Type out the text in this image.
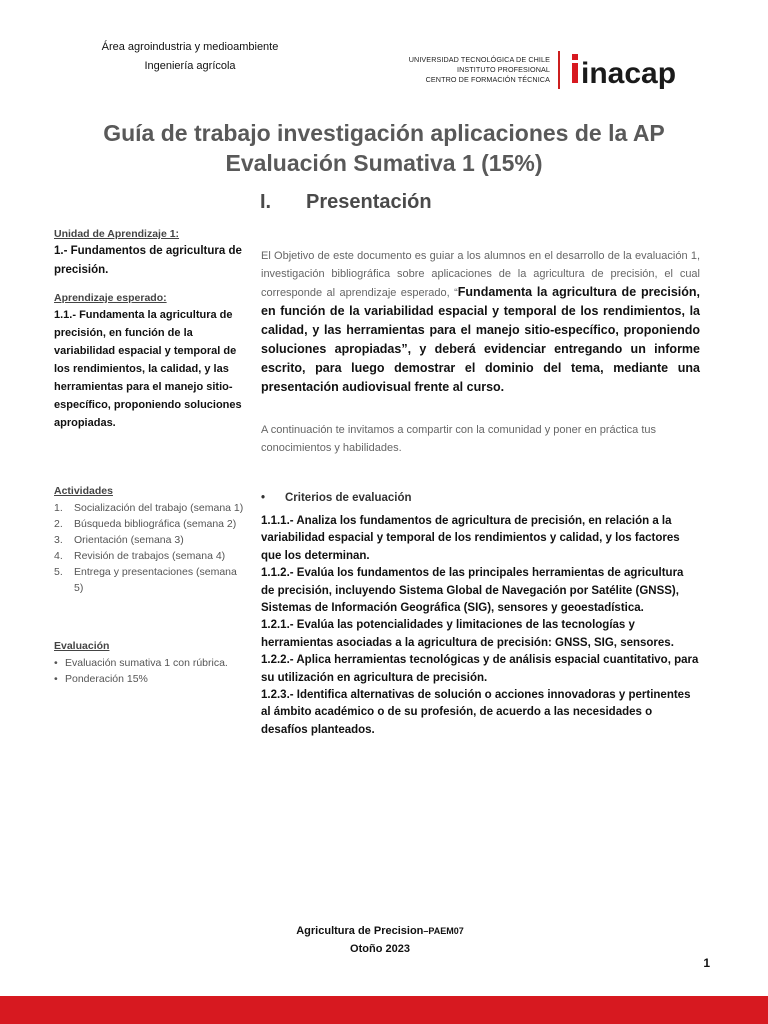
Área agroindustria y medioambiente
Ingeniería agrícola
UNIVERSIDAD TECNOLÓGICA DE CHILE
INSTITUTO PROFESIONAL
CENTRO DE FORMACIÓN TÉCNICA inacap
Guía de trabajo investigación aplicaciones de la AP
Evaluación Sumativa 1 (15%)
I. Presentación
Unidad de Aprendizaje 1:
1.- Fundamentos de agricultura de precisión.
Aprendizaje esperado:
1.1.- Fundamenta la agricultura de precisión, en función de la variabilidad espacial y temporal de los rendimientos, la calidad, y las herramientas para el manejo sitio-específico, proponiendo soluciones apropiadas.
Actividades
1.	Socialización del trabajo (semana 1)
2.	Búsqueda bibliográfica (semana 2)
3.	Orientación (semana 3)
4.	Revisión de trabajos (semana 4)
5.	Entrega y presentaciones (semana 5)
Evaluación
• Evaluación sumativa 1 con rúbrica.
• Ponderación 15%

El Objetivo de este documento es guiar a los alumnos en el desarrollo de la evaluación 1, investigación bibliográfica sobre aplicaciones de la agricultura de precisión, el cual corresponde al aprendizaje esperado, “Fundamenta la agricultura de precisión, en función de la variabilidad espacial y temporal de los rendimientos, la calidad, y las herramientas para el manejo sitio-específico, proponiendo soluciones apropiadas”, y deberá evidenciar entregando un informe escrito, para luego demostrar el dominio del tema, mediante una presentación audiovisual frente al curso.

A continuación te invitamos a compartir con la comunidad y poner en práctica tus conocimientos y habilidades.

• Criterios de evaluación
1.1.1.- Analiza los fundamentos de agricultura de precisión, en relación a la variabilidad espacial y temporal de los rendimientos y calidad, y los factores que los determinan.
1.1.2.- Evalúa los fundamentos de las principales herramientas de agricultura de precisión, incluyendo Sistema Global de Navegación por Satélite (GNSS), Sistemas de Información Geográfica (SIG), sensores y geoestadística.
1.2.1.- Evalúa las potencialidades y limitaciones de las tecnologías y herramientas asociadas a la agricultura de precisión: GNSS, SIG, sensores.
1.2.2.- Aplica herramientas tecnológicas y de análisis espacial cuantitativo, para su utilización en agricultura de precisión.
1.2.3.- Identifica alternativas de solución o acciones innovadoras y pertinentes al ámbito académico o de su profesión, de acuerdo a las necesidades o desafíos planteados.
Agricultura de Precision–PAEM07
Otoño 2023
1
